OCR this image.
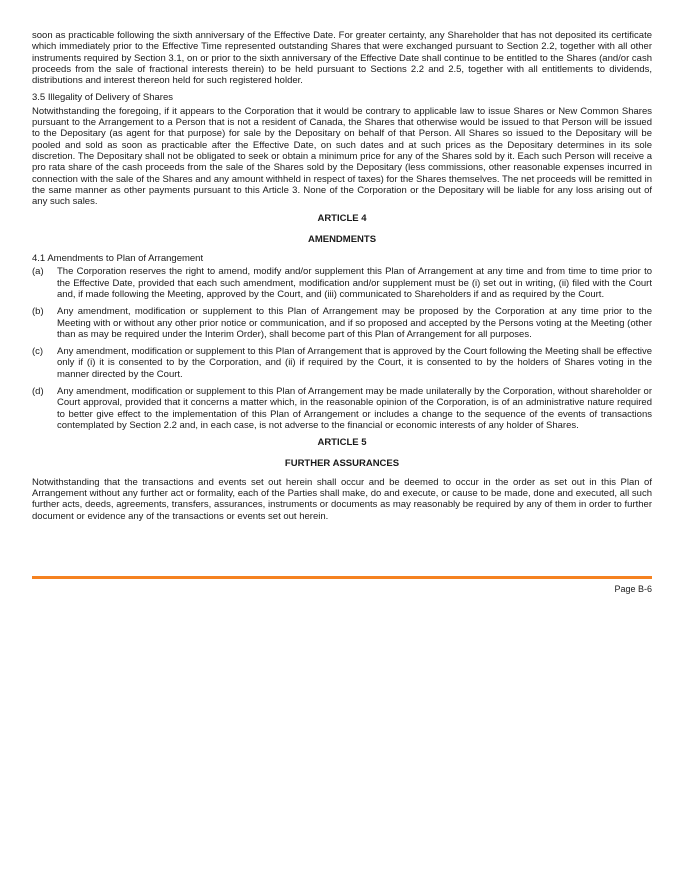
soon as practicable following the sixth anniversary of the Effective Date. For greater certainty, any Shareholder that has not deposited its certificate which immediately prior to the Effective Time represented outstanding Shares that were exchanged pursuant to Section 2.2, together with all other instruments required by Section 3.1, on or prior to the sixth anniversary of the Effective Date shall continue to be entitled to the Shares (and/or cash proceeds from the sale of fractional interests therein) to be held pursuant to Sections 2.2 and 2.5, together with all entitlements to dividends, distributions and interest thereon held for such registered holder.

3.5 Illegality of Delivery of Shares

Notwithstanding the foregoing, if it appears to the Corporation that it would be contrary to applicable law to issue Shares or New Common Shares pursuant to the Arrangement to a Person that is not a resident of Canada, the Shares that otherwise would be issued to that Person will be issued to the Depositary (as agent for that purpose) for sale by the Depositary on behalf of that Person. All Shares so issued to the Depositary will be pooled and sold as soon as practicable after the Effective Date, on such dates and at such prices as the Depositary determines in its sole discretion. The Depositary shall not be obligated to seek or obtain a minimum price for any of the Shares sold by it. Each such Person will receive a pro rata share of the cash proceeds from the sale of the Shares sold by the Depositary (less commissions, other reasonable expenses incurred in connection with the sale of the Shares and any amount withheld in respect of taxes) for the Shares themselves. The net proceeds will be remitted in the same manner as other payments pursuant to this Article 3. None of the Corporation or the Depositary will be liable for any loss arising out of any such sales.

ARTICLE 4

AMENDMENTS

4.1 Amendments to Plan of Arrangement

(a)	The Corporation reserves the right to amend, modify and/or supplement this Plan of Arrangement at any time and from time to time prior to the Effective Date, provided that each such amendment, modification and/or supplement must be (i) set out in writing, (ii) filed with the Court and, if made following the Meeting, approved by the Court, and (iii) communicated to Shareholders if and as required by the Court.
(b)	Any amendment, modification or supplement to this Plan of Arrangement may be proposed by the Corporation at any time prior to the Meeting with or without any other prior notice or communication, and if so proposed and accepted by the Persons voting at the Meeting (other than as may be required under the Interim Order), shall become part of this Plan of Arrangement for all purposes.
(c)	Any amendment, modification or supplement to this Plan of Arrangement that is approved by the Court following the Meeting shall be effective only if (i) it is consented to by the Corporation, and (ii) if required by the Court, it is consented to by the holders of Shares voting in the manner directed by the Court.
(d)	Any amendment, modification or supplement to this Plan of Arrangement may be made unilaterally by the Corporation, without shareholder or Court approval, provided that it concerns a matter which, in the reasonable opinion of the Corporation, is of an administrative nature required to better give effect to the implementation of this Plan of Arrangement or includes a change to the sequence of the events of transactions contemplated by Section 2.2 and, in each case, is not adverse to the financial or economic interests of any holder of Shares.

ARTICLE 5

FURTHER ASSURANCES

Notwithstanding that the transactions and events set out herein shall occur and be deemed to occur in the order as set out in this Plan of Arrangement without any further act or formality, each of the Parties shall make, do and execute, or cause to be made, done and executed, all such further acts, deeds, agreements, transfers, assurances, instruments or documents as may reasonably be required by any of them in order to further document or evidence any of the transactions or events set out herein.

Page B-6
